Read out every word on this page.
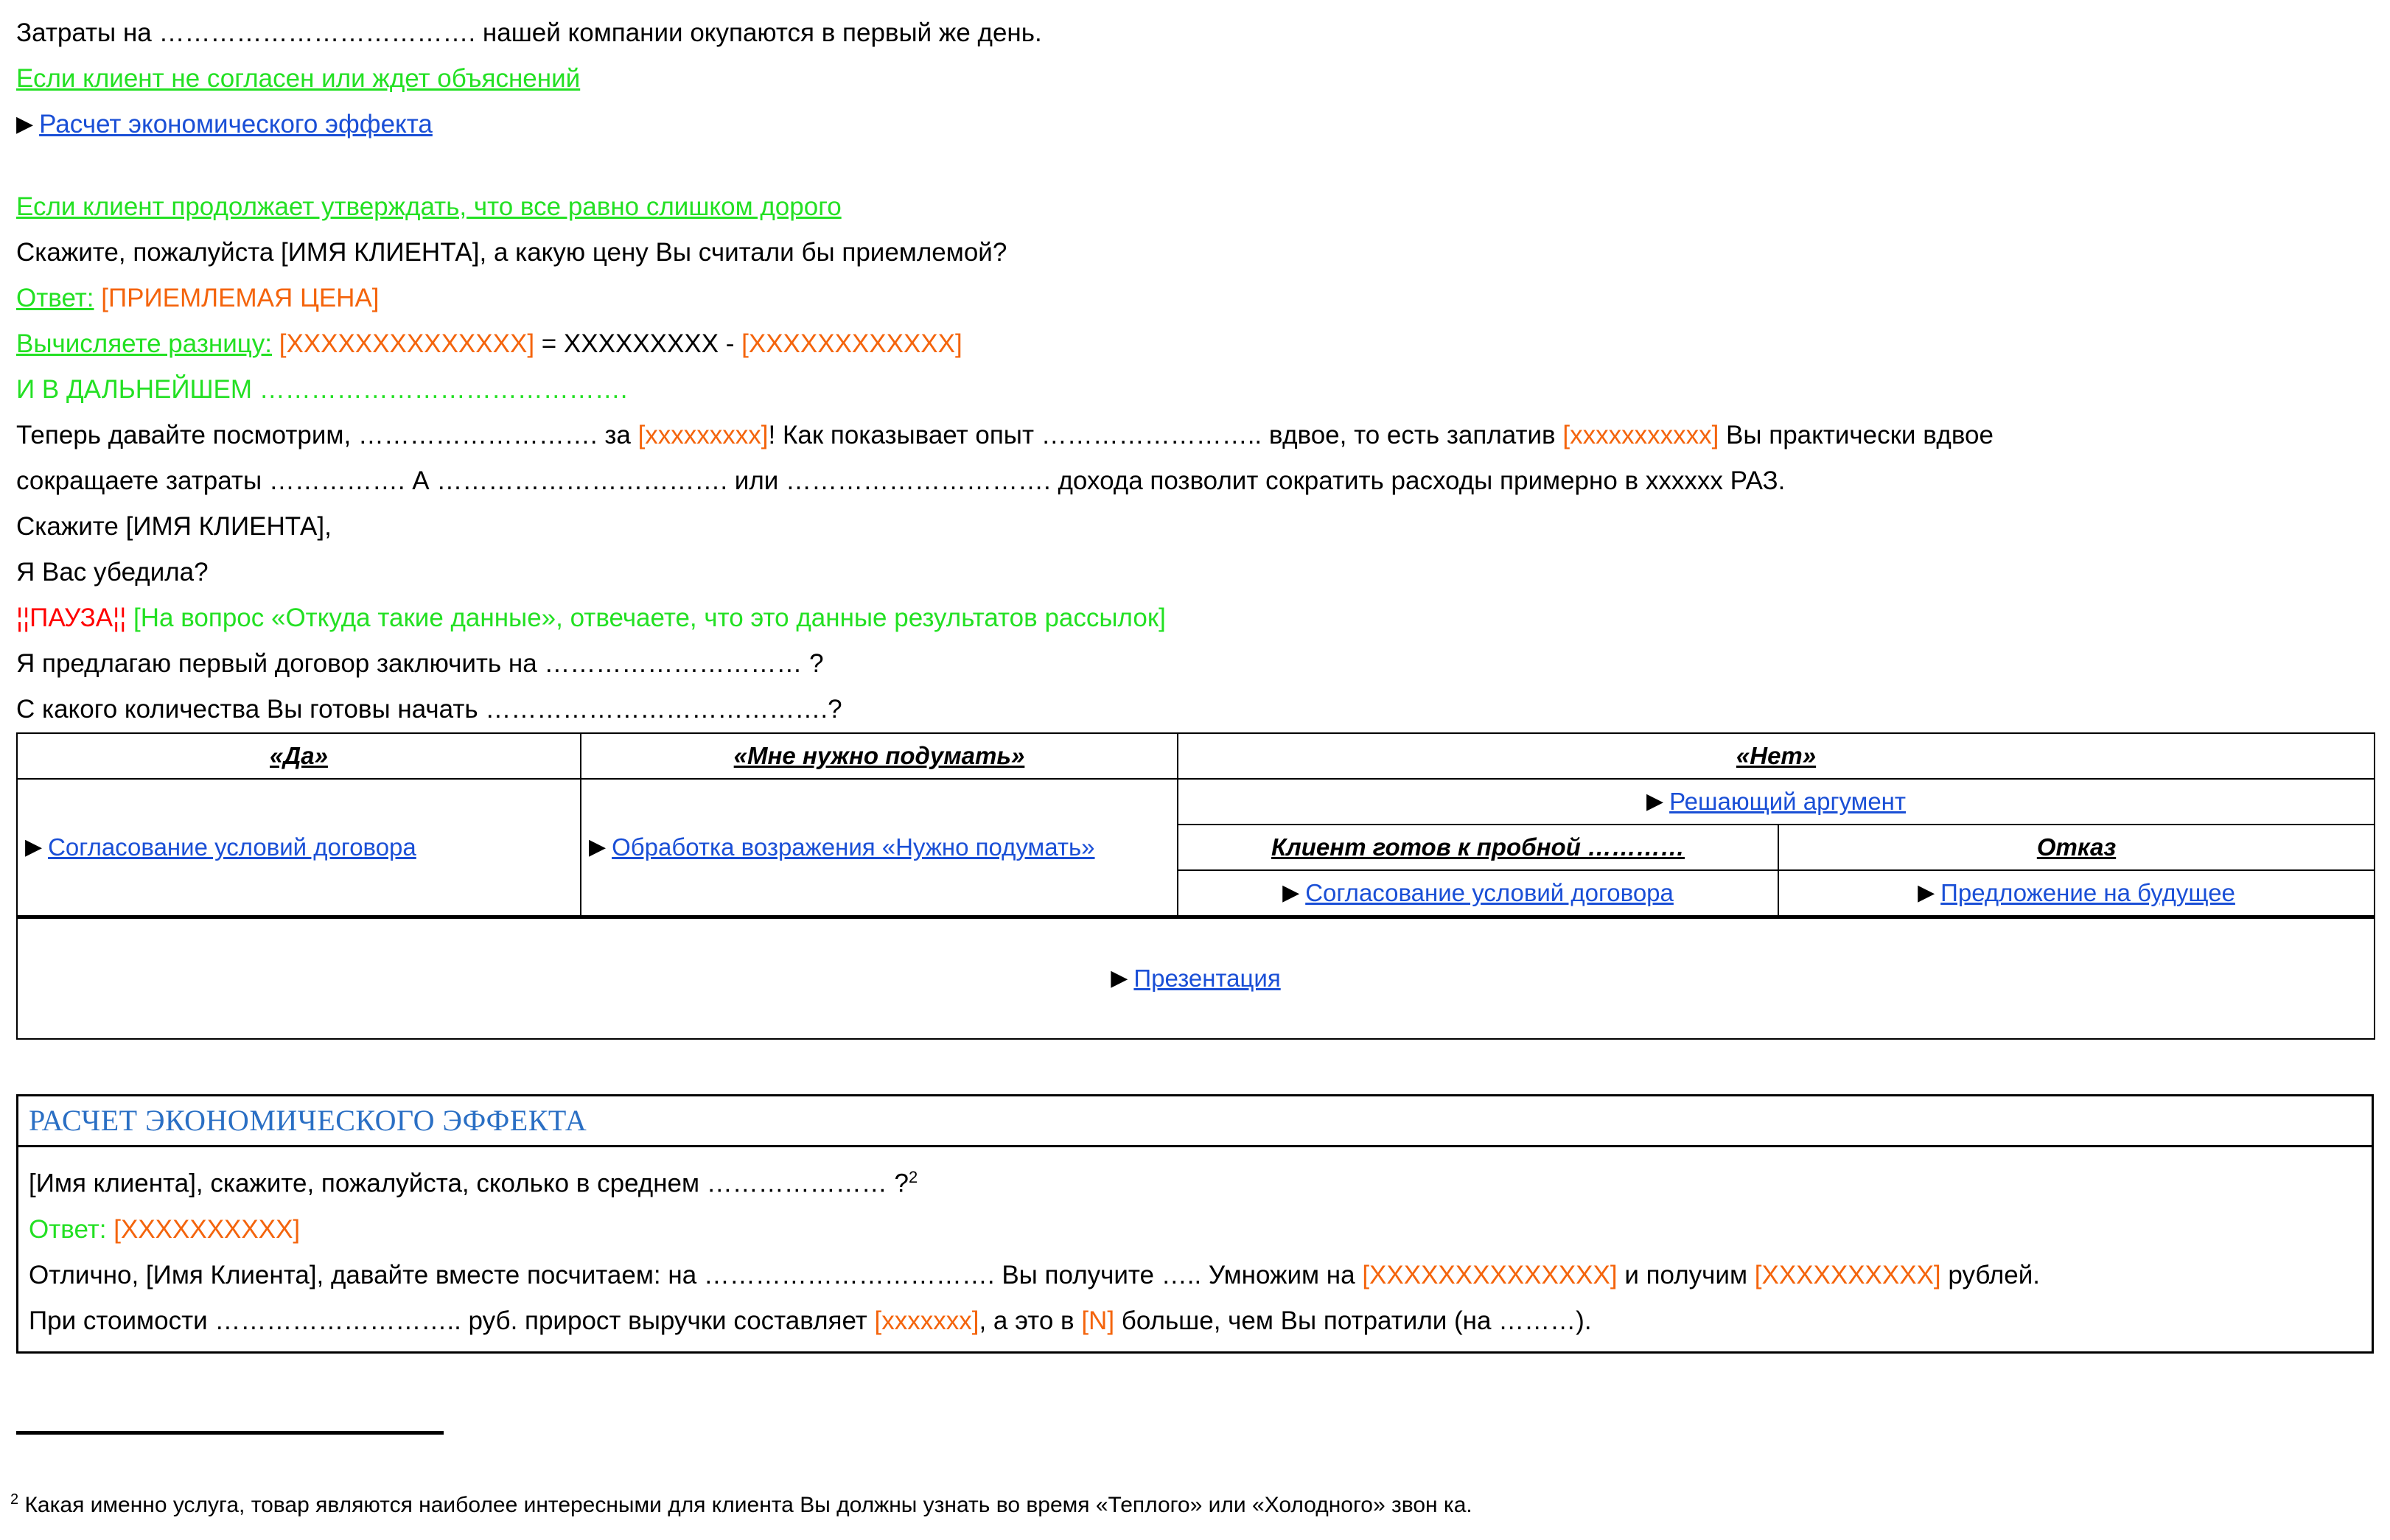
Затраты на ………………………………. нашей компании окупаются в первый же день.
Если клиент не согласен или ждет объяснений
▶ Расчет экономического эффекта
Если клиент продолжает утверждать, что все равно слишком дорого
Скажите, пожалуйста [ИМЯ КЛИЕНТА], а какую цену Вы считали бы приемлемой?
Ответ: [ПРИЕМЛЕМАЯ ЦЕНА]
Вычисляете разницу: [XXXXXXXXXXXXXX] = XXXXXXXXX - [XXXXXXXXXXXX]
И В ДАЛЬНЕЙШЕМ …………………………………….
Теперь давайте посмотрим, ………………………. за [xxxxxxxxx]! Как показывает опыт …………………….. вдвое, то есть заплатив [xxxxxxxxxxx] Вы практически вдвое
сокращаете затраты ……………. А ……………………………. или …………………………. дохода позволит сократить расходы примерно в хххххх РАЗ.
Скажите [ИМЯ КЛИЕНТА],
Я Вас убедила?
¦¦ПАУЗА¦¦ [На вопрос «Откуда такие данные», отвечаете, что это данные результатов рассылок]
Я предлагаю первый договор заключить на ………………………… ?
С какого количества Вы готовы начать ………………………………….?
«Да»	«Мне нужно подумать»	«Нет»	
▶ Согласование условий договора	▶ Обработка возражения «Нужно подумать»	▶ Решающий аргумент	
		Клиент готов к пробной …………	Отказ
		▶ Согласование условий договора	▶ Предложение на будущее
▶ Презентация			
РАСЧЕТ ЭКОНОМИЧЕСКОГО ЭФФЕКТА

[Имя клиента], скажите, пожалуйста, сколько в среднем ………………… ?$^2$
Ответ: [XXXXXXXXXX]
Отлично, [Имя Клиента], давайте вместе посчитаем: на ……………………………. Вы получите ….. Умножим на [XXXXXXXXXXXXXX] и получим [XXXXXXXXXX] рублей.
При стоимости ……………………….. руб. прирост выручки составляет [xxxxxxx], а это в [N] больше, чем Вы потратили (на ………).
$^2$ Какая именно услуга, товар являются наиболее интересными для клиента Вы должны узнать во время «Теплого» или «Холодного» звон ка.
